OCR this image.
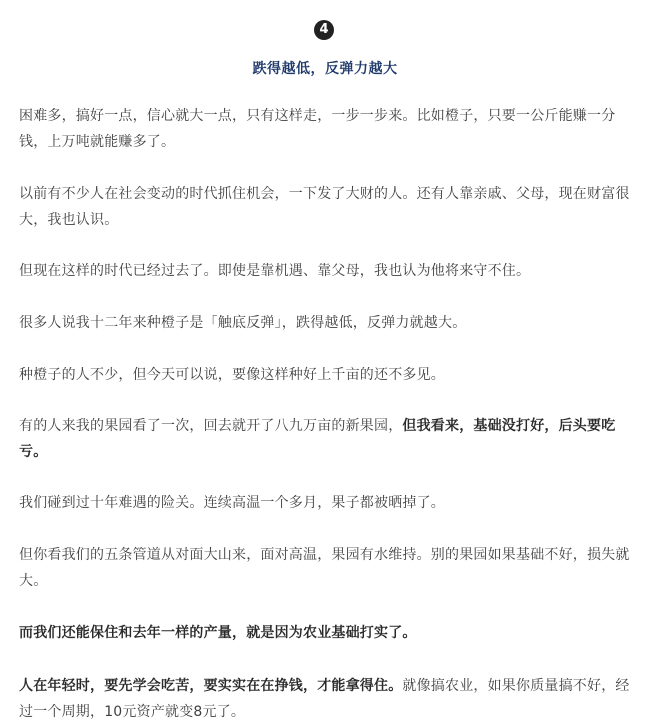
4
跌得越低，反弹力越大
困难多，搞好一点，信心就大一点，只有这样走，一步一步来。比如橙子，只要一公斤能赚一分钱，上万吨就能赚多了。
以前有不少人在社会变动的时代抓住机会，一下发了大财的人。还有人靠亲戚、父母，现在财富很大，我也认识。
但现在这样的时代已经过去了。即使是靠机遇、靠父母，我也认为他将来守不住。
很多人说我十二年来种橙子是「触底反弹」，跌得越低，反弹力就越大。
种橙子的人不少，但今天可以说，要像这样种好上千亩的还不多见。
有的人来我的果园看了一次，回去就开了八九万亩的新果园，但我看来，基础没打好，后头要吃亏。
我们碰到过十年难遇的险关。连续高温一个多月，果子都被晒掉了。
但你看我们的五条管道从对面大山来，面对高温，果园有水维持。别的果园如果基础不好，损失就大。
而我们还能保住和去年一样的产量，就是因为农业基础打实了。
人在年轻时，要先学会吃苦，要实实在在挣钱，才能拿得住。就像搞农业，如果你质量搞不好，经过一个周期，10元资产就变8元了。
